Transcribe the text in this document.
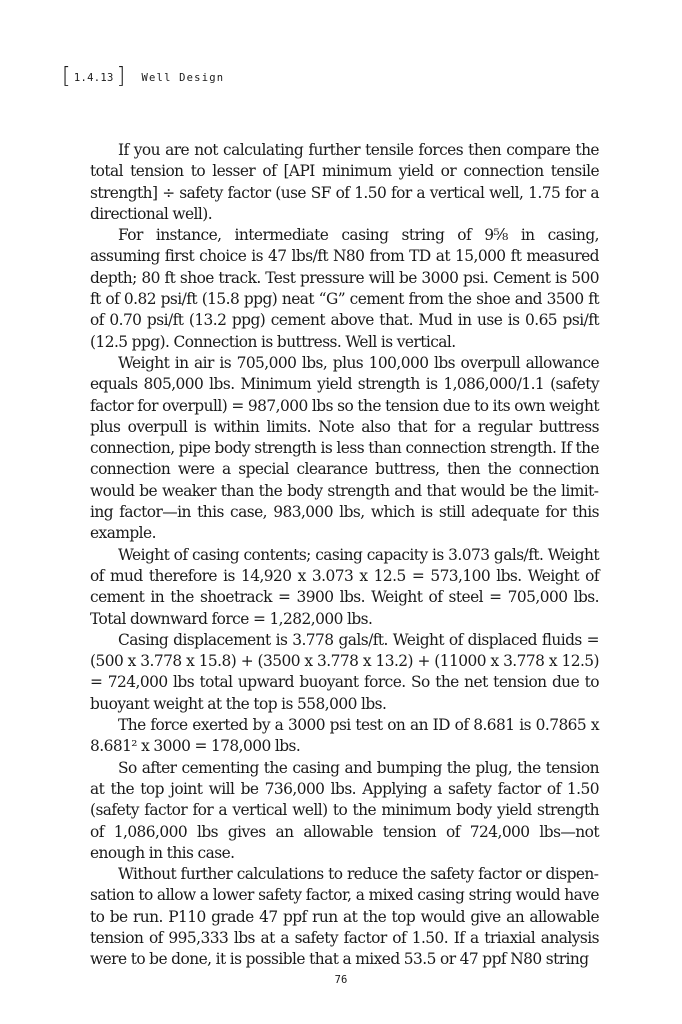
[ 1.4.13 ] Well Design

If you are not calculating further tensile forces then compare the total tension to lesser of [API minimum yield or connection tensile strength] ÷ safety factor (use SF of 1.50 for a vertical well, 1.75 for a directional well).

For instance, intermediate casing string of 9⅝ in casing, assuming first choice is 47 lbs/ft N80 from TD at 15,000 ft measured depth; 80 ft shoe track. Test pressure will be 3000 psi. Cement is 500 ft of 0.82 psi/ft (15.8 ppg) neat “G” cement from the shoe and 3500 ft of 0.70 psi/ft (13.2 ppg) cement above that. Mud in use is 0.65 psi/ft (12.5 ppg). Connection is buttress. Well is vertical.

Weight in air is 705,000 lbs, plus 100,000 lbs overpull allowance equals 805,000 lbs. Minimum yield strength is 1,086,000/1.1 (safety factor for overpull) = 987,000 lbs so the tension due to its own weight plus overpull is within limits. Note also that for a regular buttress connection, pipe body strength is less than connection strength. If the connection were a special clearance buttress, then the connection would be weaker than the body strength and that would be the limiting factor—in this case, 983,000 lbs, which is still adequate for this example.

Weight of casing contents; casing capacity is 3.073 gals/ft. Weight of mud therefore is 14,920 x 3.073 x 12.5 = 573,100 lbs. Weight of cement in the shoetrack = 3900 lbs. Weight of steel = 705,000 lbs. Total downward force = 1,282,000 lbs.

Casing displacement is 3.778 gals/ft. Weight of displaced fluids = (500 x 3.778 x 15.8) + (3500 x 3.778 x 13.2) + (11000 x 3.778 x 12.5) = 724,000 lbs total upward buoyant force. So the net tension due to buoyant weight at the top is 558,000 lbs.

The force exerted by a 3000 psi test on an ID of 8.681 is 0.7865 x 8.681² x 3000 = 178,000 lbs.

So after cementing the casing and bumping the plug, the tension at the top joint will be 736,000 lbs. Applying a safety factor of 1.50 (safety factor for a vertical well) to the minimum body yield strength of 1,086,000 lbs gives an allowable tension of 724,000 lbs—not enough in this case.

Without further calculations to reduce the safety factor or dispensation to allow a lower safety factor, a mixed casing string would have to be run. P110 grade 47 ppf run at the top would give an allowable tension of 995,333 lbs at a safety factor of 1.50. If a triaxial analysis were to be done, it is possible that a mixed 53.5 or 47 ppf N80 string

76
